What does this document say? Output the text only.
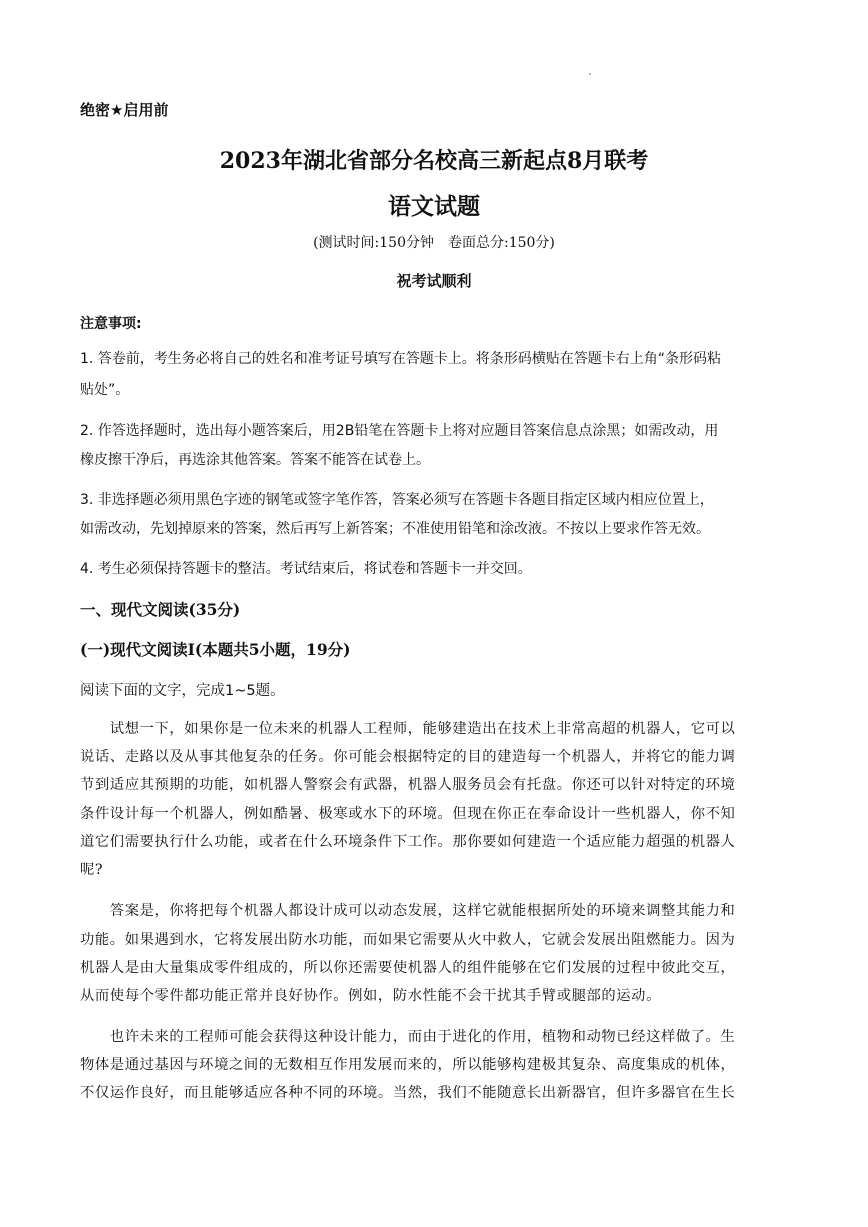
绝密★启用前
2023年湖北省部分名校高三新起点8月联考
语文试题
(测试时间:150分钟　卷面总分:150分)
祝考试顺利
注意事项:
1. 答卷前，考生务必将自己的姓名和准考证号填写在答题卡上。将条形码横贴在答题卡右上角“条形码粘
贴处”。
2. 作答选择题时，选出每小题答案后，用2B铅笔在答题卡上将对应题目答案信息点涂黑；如需改动，用
橡皮擦干净后，再选涂其他答案。答案不能答在试卷上。
3. 非选择题必须用黑色字迹的钢笔或签字笔作答，答案必须写在答题卡各题目指定区域内相应位置上，
如需改动，先划掉原来的答案，然后再写上新答案；不准使用铅笔和涂改液。不按以上要求作答无效。
4. 考生必须保持答题卡的整洁。考试结束后，将试卷和答题卡一并交回。
一、现代文阅读(35分)
(一)现代文阅读I(本题共5小题，19分)
阅读下面的文字，完成1~5题。
　　试想一下，如果你是一位未来的机器人工程师，能够建造出在技术上非常高超的机器人，它可以
说话、走路以及从事其他复杂的任务。你可能会根据特定的目的建造每一个机器人，并将它的能力调
节到适应其预期的功能，如机器人警察会有武器，机器人服务员会有托盘。你还可以针对特定的环境
条件设计每一个机器人，例如酷暑、极寒或水下的环境。但现在你正在奉命设计一些机器人，你不知
道它们需要执行什么功能，或者在什么环境条件下工作。那你要如何建造一个适应能力超强的机器人
呢?
　　答案是，你将把每个机器人都设计成可以动态发展，这样它就能根据所处的环境来调整其能力和
功能。如果遇到水，它将发展出防水功能，而如果它需要从火中救人，它就会发展出阻燃能力。因为
机器人是由大量集成零件组成的，所以你还需要使机器人的组件能够在它们发展的过程中彼此交互，
从而使每个零件都功能正常并良好协作。例如，防水性能不会干扰其手臂或腿部的运动。
　　也许未来的工程师可能会获得这种设计能力，而由于进化的作用，植物和动物已经这样做了。生
物体是通过基因与环境之间的无数相互作用发展而来的，所以能够构建极其复杂、高度集成的机体，
不仅运作良好，而且能够适应各种不同的环境。当然，我们不能随意长出新器官，但许多器官在生长
